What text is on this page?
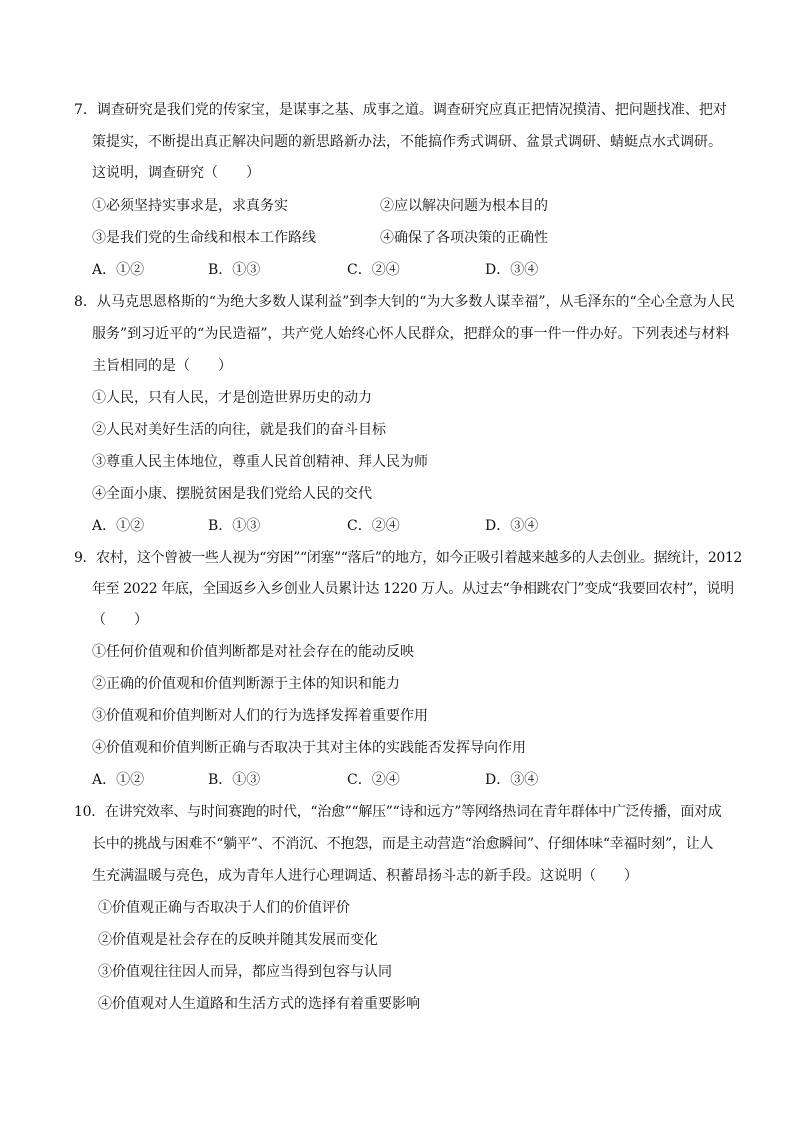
7．调查研究是我们党的传家宝，是谋事之基、成事之道。调查研究应真正把情况摸清、把问题找准、把对
策提实，不断提出真正解决问题的新思路新办法，不能搞作秀式调研、盆景式调研、蜻蜓点水式调研。
这说明，调查研究（　　）
①必须坚持实事求是，求真务实	②应以解决问题为根本目的
③是我们党的生命线和根本工作路线	④确保了各项决策的正确性
A．①②	B．①③	C．②④	D．③④
8．从马克思恩格斯的“为绝大多数人谋利益”到李大钊的“为大多数人谋幸福”，从毛泽东的“全心全意为人民
服务”到习近平的“为民造福”，共产党人始终心怀人民群众，把群众的事一件一件办好。下列表述与材料
主旨相同的是（　　）
①人民，只有人民，才是创造世界历史的动力
②人民对美好生活的向往，就是我们的奋斗目标
③尊重人民主体地位，尊重人民首创精神、拜人民为师
④全面小康、摆脱贫困是我们党给人民的交代
A．①②	B．①③	C．②④	D．③④
9．农村，这个曾被一些人视为“穷困”“闭塞”“落后”的地方，如今正吸引着越来越多的人去创业。据统计，2012
年至 2022 年底，全国返乡入乡创业人员累计达 1220 万人。从过去“争相跳农门”变成“我要回农村”，说明
（　　）
①任何价值观和价值判断都是对社会存在的能动反映
②正确的价值观和价值判断源于主体的知识和能力
③价值观和价值判断对人们的行为选择发挥着重要作用
④价值观和价值判断正确与否取决于其对主体的实践能否发挥导向作用
A．①②	B．①③	C．②④	D．③④
10．在讲究效率、与时间赛跑的时代，“治愈”“解压”“诗和远方”等网络热词在青年群体中广泛传播，面对成
长中的挑战与困难不“躺平”、不消沉、不抱怨，而是主动营造“治愈瞬间”、仔细体味“幸福时刻”，让人
生充满温暖与亮色，成为青年人进行心理调适、积蓄昂扬斗志的新手段。这说明（　　）
①价值观正确与否取决于人们的价值评价
②价值观是社会存在的反映并随其发展而变化
③价值观往往因人而异，都应当得到包容与认同
④价值观对人生道路和生活方式的选择有着重要影响
